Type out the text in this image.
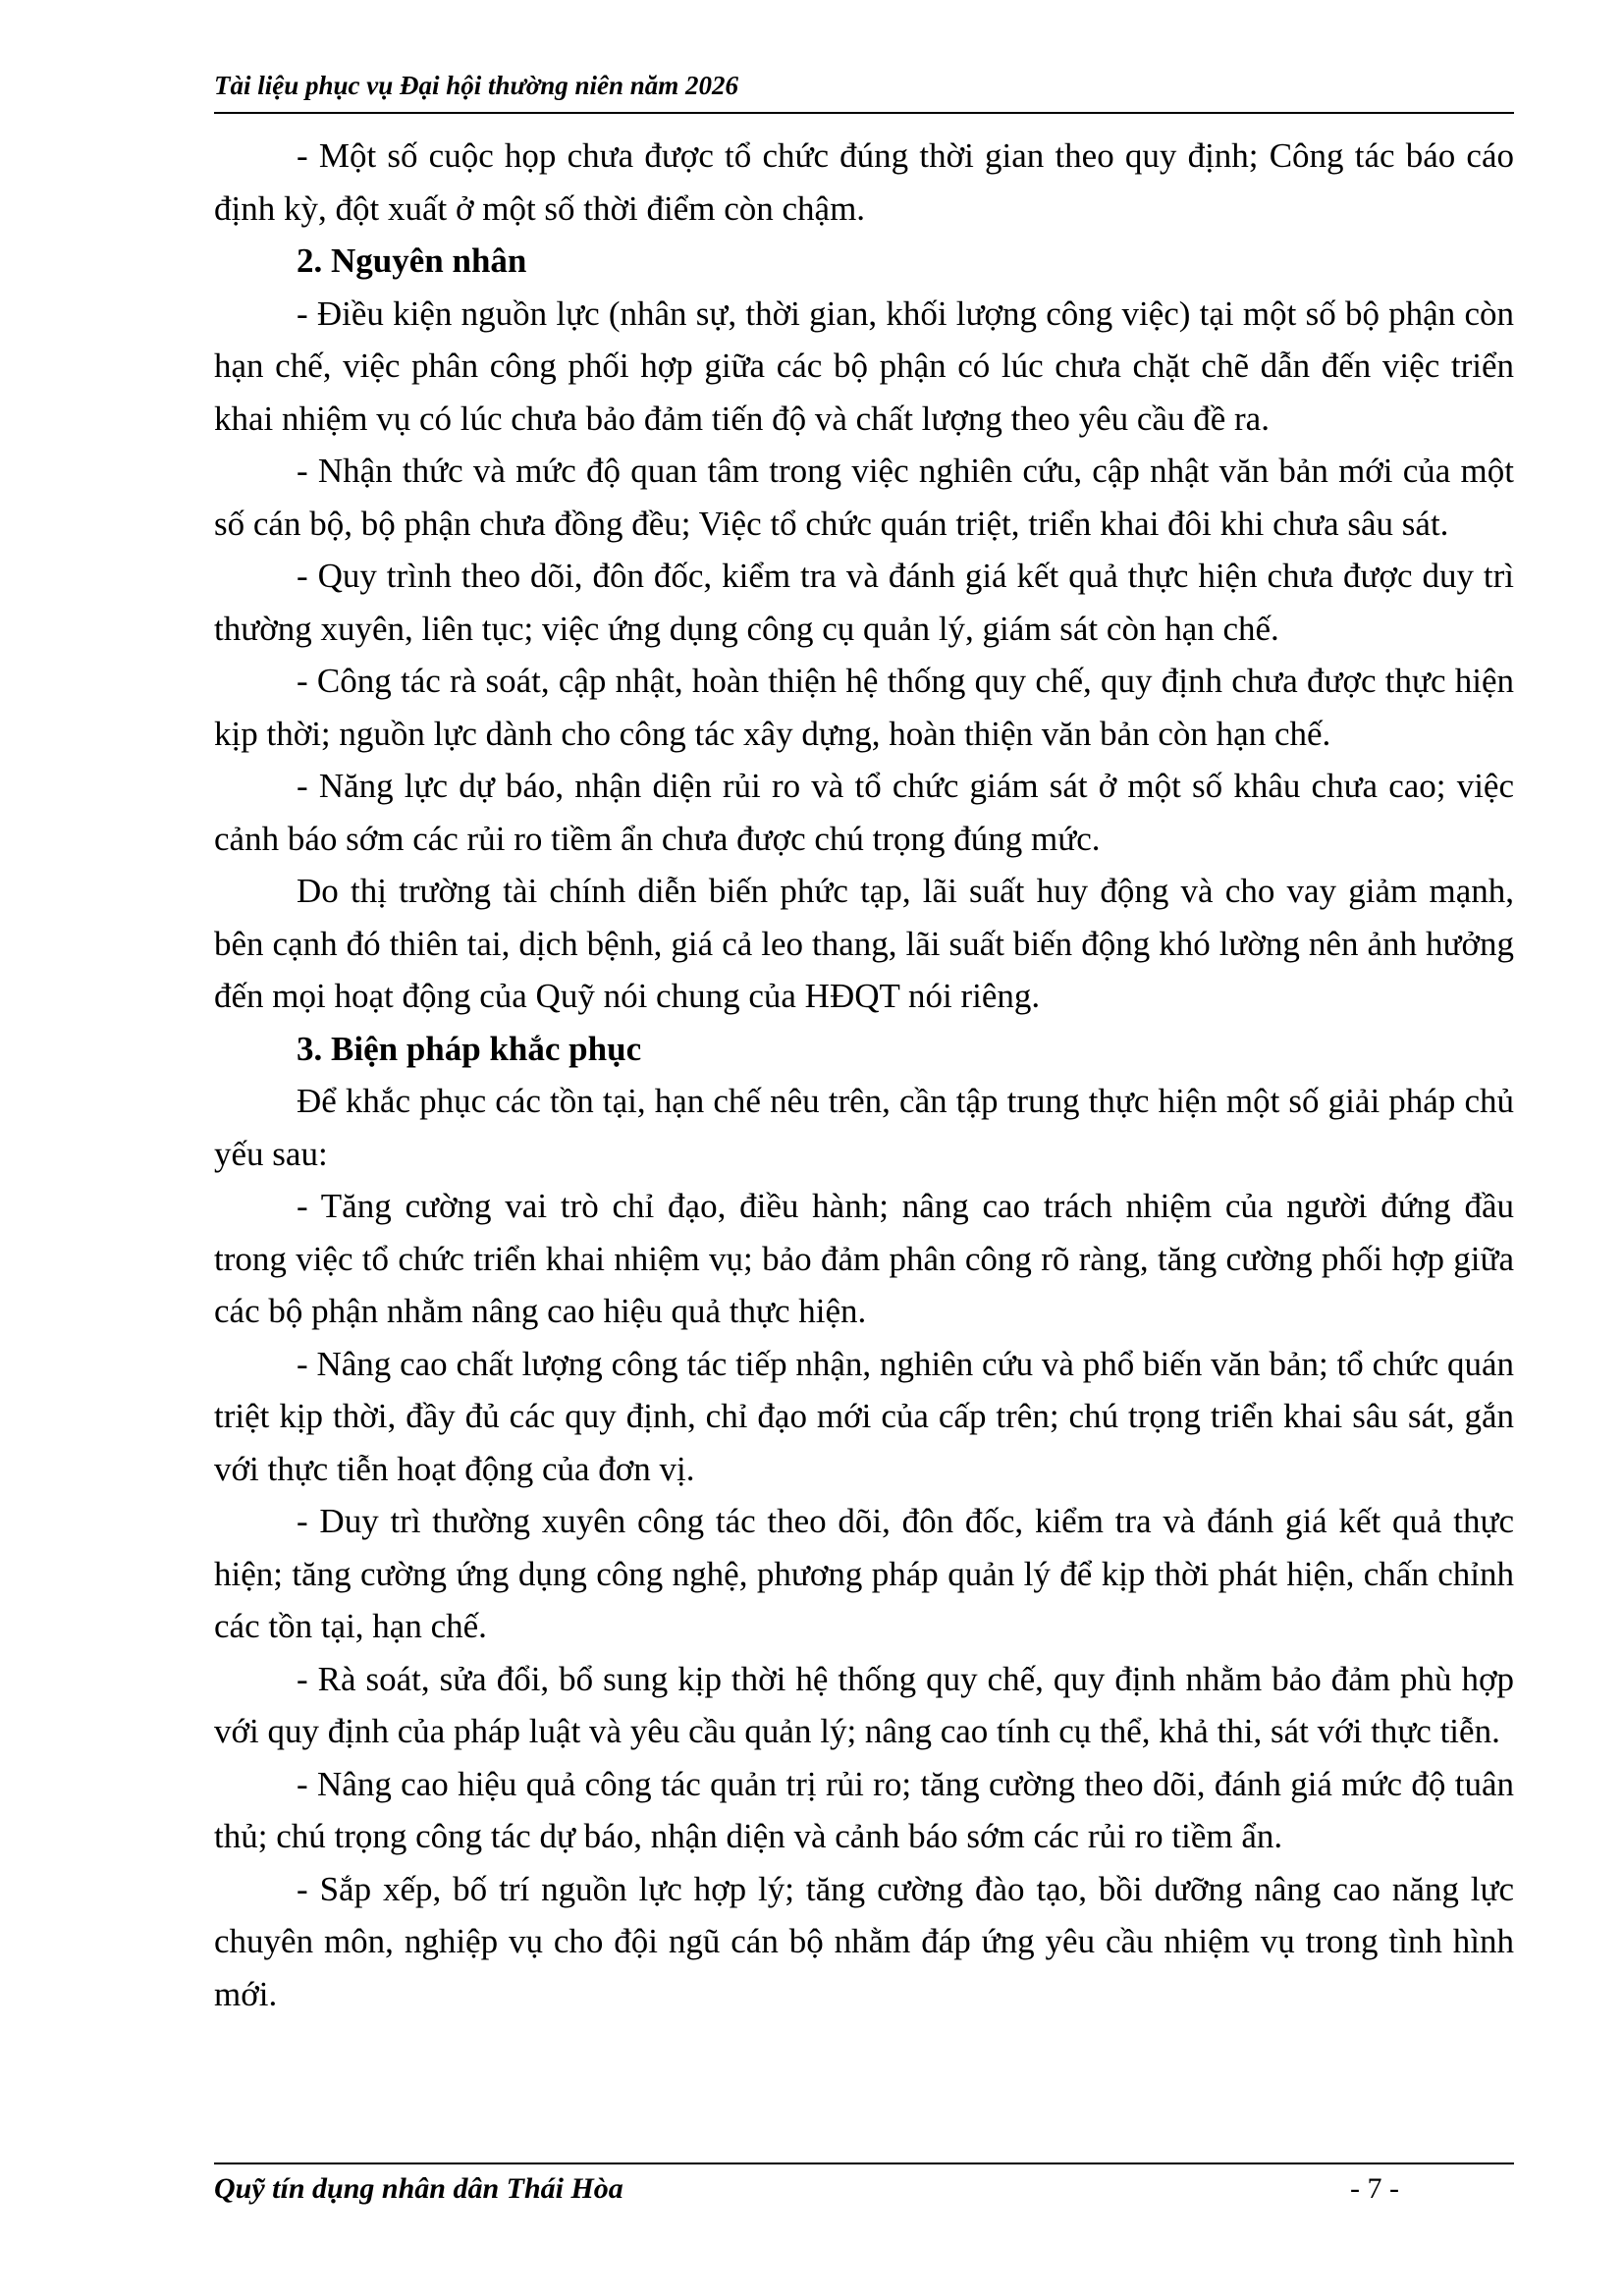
Tài liệu phục vụ Đại hội thường niên năm 2026

- Một số cuộc họp chưa được tổ chức đúng thời gian theo quy định; Công tác báo cáo định kỳ, đột xuất ở một số thời điểm còn chậm.

2. Nguyên nhân

- Điều kiện nguồn lực (nhân sự, thời gian, khối lượng công việc) tại một số bộ phận còn hạn chế, việc phân công phối hợp giữa các bộ phận có lúc chưa chặt chẽ dẫn đến việc triển khai nhiệm vụ có lúc chưa bảo đảm tiến độ và chất lượng theo yêu cầu đề ra.

- Nhận thức và mức độ quan tâm trong việc nghiên cứu, cập nhật văn bản mới của một số cán bộ, bộ phận chưa đồng đều; Việc tổ chức quán triệt, triển khai đôi khi chưa sâu sát.

- Quy trình theo dõi, đôn đốc, kiểm tra và đánh giá kết quả thực hiện chưa được duy trì thường xuyên, liên tục; việc ứng dụng công cụ quản lý, giám sát còn hạn chế.

- Công tác rà soát, cập nhật, hoàn thiện hệ thống quy chế, quy định chưa được thực hiện kịp thời; nguồn lực dành cho công tác xây dựng, hoàn thiện văn bản còn hạn chế.

- Năng lực dự báo, nhận diện rủi ro và tổ chức giám sát ở một số khâu chưa cao; việc cảnh báo sớm các rủi ro tiềm ẩn chưa được chú trọng đúng mức.

Do thị trường tài chính diễn biến phức tạp, lãi suất huy động và cho vay giảm mạnh, bên cạnh đó thiên tai, dịch bệnh, giá cả leo thang, lãi suất biến động khó lường nên ảnh hưởng đến mọi hoạt động của Quỹ nói chung của HĐQT nói riêng.

3. Biện pháp khắc phục

Để khắc phục các tồn tại, hạn chế nêu trên, cần tập trung thực hiện một số giải pháp chủ yếu sau:

- Tăng cường vai trò chỉ đạo, điều hành; nâng cao trách nhiệm của người đứng đầu trong việc tổ chức triển khai nhiệm vụ; bảo đảm phân công rõ ràng, tăng cường phối hợp giữa các bộ phận nhằm nâng cao hiệu quả thực hiện.

- Nâng cao chất lượng công tác tiếp nhận, nghiên cứu và phổ biến văn bản; tổ chức quán triệt kịp thời, đầy đủ các quy định, chỉ đạo mới của cấp trên; chú trọng triển khai sâu sát, gắn với thực tiễn hoạt động của đơn vị.

- Duy trì thường xuyên công tác theo dõi, đôn đốc, kiểm tra và đánh giá kết quả thực hiện; tăng cường ứng dụng công nghệ, phương pháp quản lý để kịp thời phát hiện, chấn chỉnh các tồn tại, hạn chế.

- Rà soát, sửa đổi, bổ sung kịp thời hệ thống quy chế, quy định nhằm bảo đảm phù hợp với quy định của pháp luật và yêu cầu quản lý; nâng cao tính cụ thể, khả thi, sát với thực tiễn.

- Nâng cao hiệu quả công tác quản trị rủi ro; tăng cường theo dõi, đánh giá mức độ tuân thủ; chú trọng công tác dự báo, nhận diện và cảnh báo sớm các rủi ro tiềm ẩn.

- Sắp xếp, bố trí nguồn lực hợp lý; tăng cường đào tạo, bồi dưỡng nâng cao năng lực chuyên môn, nghiệp vụ cho đội ngũ cán bộ nhằm đáp ứng yêu cầu nhiệm vụ trong tình hình mới.

Quỹ tín dụng nhân dân Thái Hòa	- 7 -
